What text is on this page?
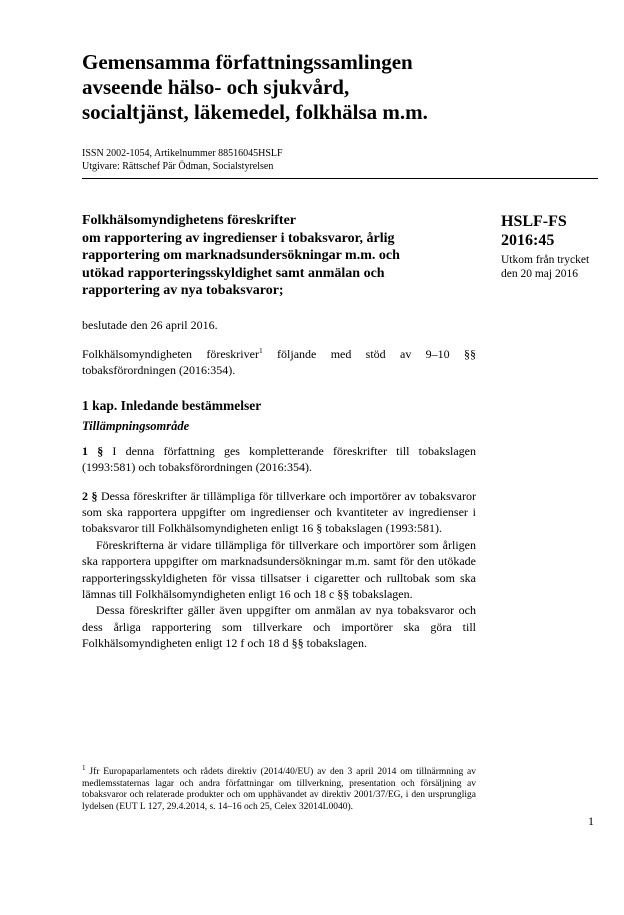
Gemensamma författningssamlingen
avseende hälso- och sjukvård,
socialtjänst, läkemedel, folkhälsa m.m.
ISSN 2002-1054, Artikelnummer 88516045HSLF
Utgivare: Rättschef Pär Ödman, Socialstyrelsen
HSLF-FS
2016:45
Utkom från trycket
den 20 maj 2016
Folkhälsomyndighetens föreskrifter
om rapportering av ingredienser i tobaksvaror, årlig
rapportering om marknadsundersökningar m.m. och
utökad rapporteringsskyldighet samt anmälan och
rapportering av nya tobaksvaror;
beslutade den 26 april 2016.
Folkhälsomyndigheten föreskriver$^1$ följande med stöd av 9–10 §§ tobaksförordningen (2016:354).
1 kap. Inledande bestämmelser
Tillämpningsområde
1 § I denna författning ges kompletterande föreskrifter till tobakslagen (1993:581) och tobaksförordningen (2016:354).
2 § Dessa föreskrifter är tillämpliga för tillverkare och importörer av tobaksvaror som ska rapportera uppgifter om ingredienser och kvantiteter av ingredienser i tobaksvaror till Folkhälsomyndigheten enligt 16 § tobakslagen (1993:581).
Föreskrifterna är vidare tillämpliga för tillverkare och importörer som årligen ska rapportera uppgifter om marknadsundersökningar m.m. samt för den utökade rapporteringsskyldigheten för vissa tillsatser i cigaretter och rulltobak som ska lämnas till Folkhälsomyndigheten enligt 16 och 18 c §§ tobakslagen.
Dessa föreskrifter gäller även uppgifter om anmälan av nya tobaksvaror och dess årliga rapportering som tillverkare och importörer ska göra till Folkhälsomyndigheten enligt 12 f och 18 d §§ tobakslagen.
$^1$ Jfr Europaparlamentets och rådets direktiv (2014/40/EU) av den 3 april 2014 om tillnärmning av medlemsstaternas lagar och andra författningar om tillverkning, presentation och försäljning av tobaksvaror och relaterade produkter och om upphävandet av direktiv 2001/37/EG, i den ursprungliga lydelsen (EUT L 127, 29.4.2014, s. 14–16 och 25, Celex 32014L0040).
1
